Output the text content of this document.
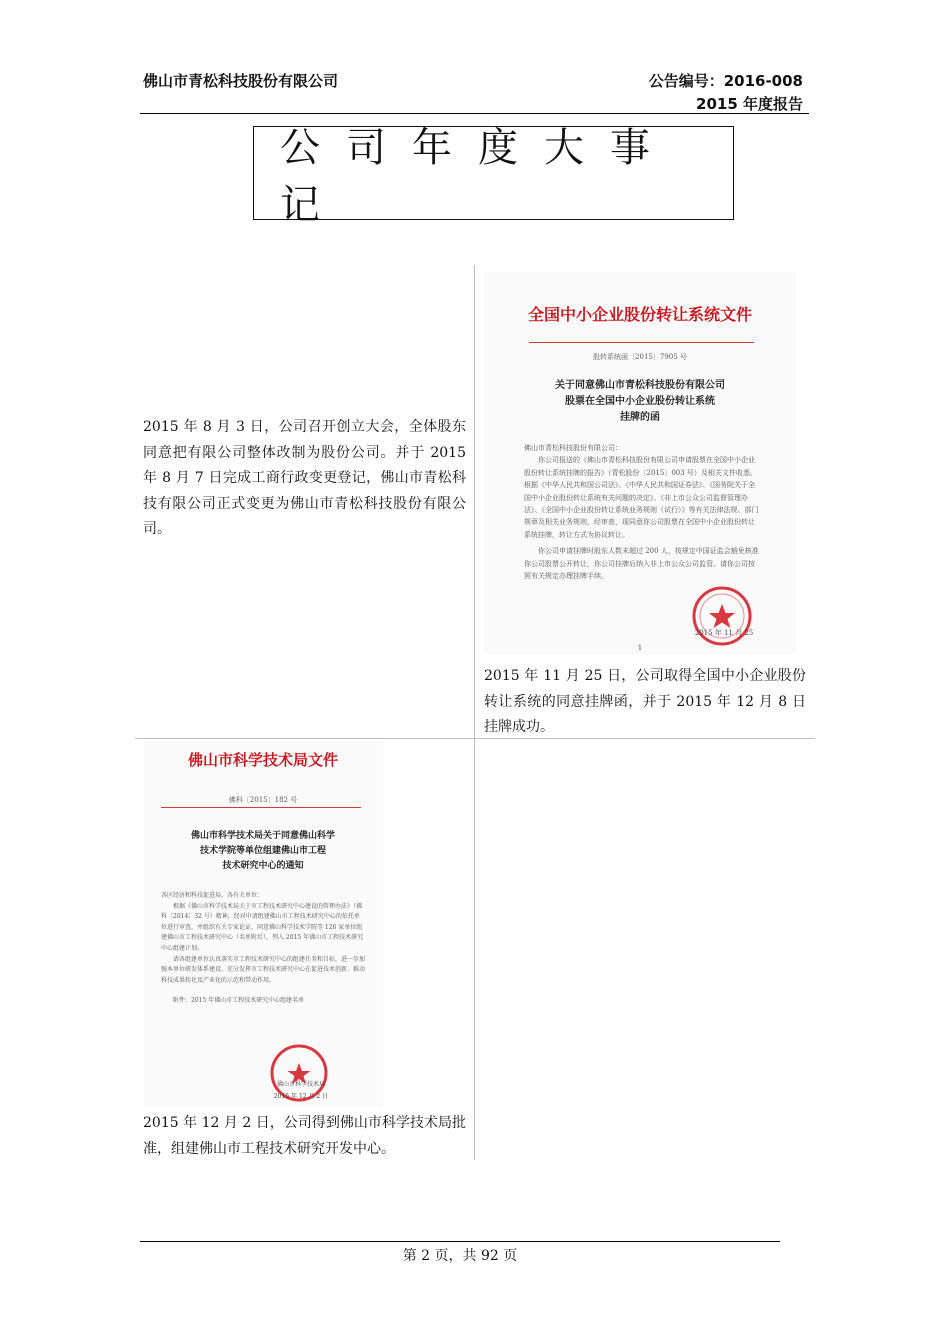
佛山市青松科技股份有限公司	公告编号：2016-008
2015 年度报告
公司年度大事记
2015 年 8 月 3 日，公司召开创立大会，全体股东同意把有限公司整体改制为股份公司。并于 2015 年 8 月 7 日完成工商行政变更登记，佛山市青松科技有限公司正式变更为佛山市青松科技股份有限公司。
全国中小企业股份转让系统文件
股转系统函〔2015〕7905 号
关于同意佛山市青松科技股份有限公司
股票在全国中小企业股份转让系统
挂牌的函
佛山市青松科技股份有限公司：
你公司报送的《佛山市青松科技股份有限公司申请股票在全国中小企业股份转让系统挂牌的报告》（青松股份〔2015〕003 号）及相关文件收悉。根据《中华人民共和国公司法》、《中华人民共和国证券法》、《国务院关于全国中小企业股份转让系统有关问题的决定》、《非上市公众公司监督管理办法》、《全国中小企业股份转让系统业务规则（试行）》等有关法律法规、部门规章及相关业务规则，经审查，现同意你公司股票在全国中小企业股份转让系统挂牌，转让方式为协议转让。
你公司申请挂牌时股东人数未超过 200 人，按规定中国证监会豁免核准你公司股票公开转让，你公司挂牌后纳入非上市公众公司监管。请你公司按照有关规定办理挂牌手续。
2015 年 11 月 25
1
2015 年 11 月 25 日，公司取得全国中小企业股份转让系统的同意挂牌函，并于 2015 年 12 月 8 日挂牌成功。
佛山市科学技术局文件
佛科〔2015〕182 号
佛山市科学技术局关于同意佛山科学
技术学院等单位组建佛山市工程
技术研究中心的通知
各区经济和科技促进局、各有关单位：
根据《佛山市科学技术局关于市工程技术研究中心建设的管理办法》（佛科〔2014〕32 号）精神，经对申请组建佛山市工程技术研究中心的依托单位进行审查，并组织有关专家论证，同意佛山科学技术学院等 126 家单位组建佛山市工程技术研究中心（名单附后），列入 2015 年佛山市工程技术研究中心组建计划。
请各组建单位认真落实市工程技术研究中心的组建任务和目标，进一步加强本单位研发体系建设，充分发挥市工程技术研究中心在促进技术创新、推动科技成果转化及产业化的示范和带动作用。
附件：2015 年佛山市工程技术研究中心组建名单
佛山市科学技术局
2015 年 12 月 2 日
2015 年 12 月 2 日，公司得到佛山市科学技术局批准，组建佛山市工程技术研究开发中心。
第 2 页，共 92 页
